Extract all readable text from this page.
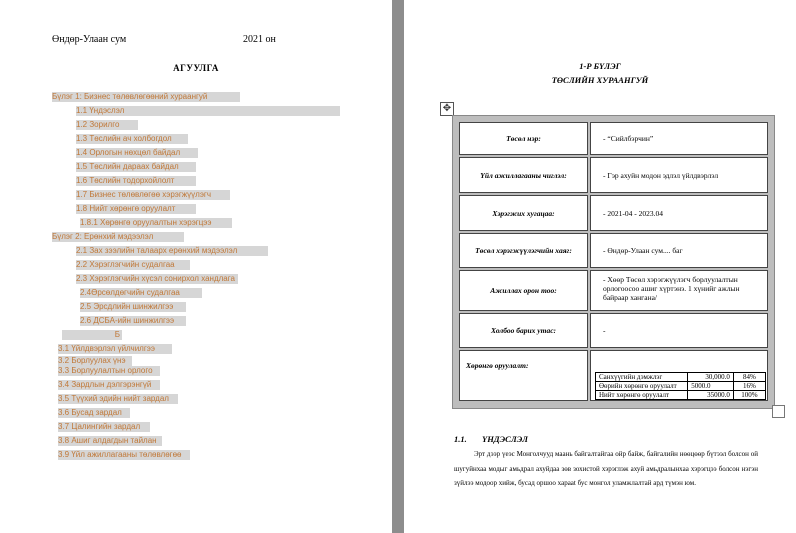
Өндөр-Улаан сум	2021 он
АГУУЛГА
Бүлэг 1: Бизнес төлөвлөгөөний хураангуй
1.1 Үндэслэл
1.2 Зорилго
1.3 Төслийн ач холбогдол
1.4 Орлогын нөхцөл байдал
1.5 Төслийн дараах байдал
1.6 Төслийн тодорхойлолт
1.7 Бизнес төлөвлөгөө хэрэгжүүлэгч
1.8 Нийт хөрөнгө оруулалт
1.8.1 Хөрөнгө оруулалтын хэрэгцээ
Бүлэг 2: Ерөнхий мэдээлэл
2.1 Зах зээлийн талаарх ерөнхий мэдээлэл
2.2 Хэрэглэгчийн судалгаа
2.3 Хэрэглэгчийн хүсэл сонирхол хандлага
2.4Өрсөлдөгчийн судалгаа
2.5 Эрсдлийн шинжилгээ
2.6 ДСБА-ийн шинжилгээ
Б
3.1 Үйлдвэрлэл үйлчилгээ
3.2 Борлуулах үнэ
3.3 Борлуулалтын орлого
3.4 Зардлын дэлгэрэнгүй
3.5 Түүхий эдийн нийт зардал
3.6 Бусад зардал
3.7 Цалингийн зардал
3.8 Ашиг алдагдын тайлан
3.9 Үйл ажиллагааны төлөвлөгөө
1-Р БҮЛЭГ
ТӨСЛИЙН ХУРААНГУЙ
✥
Төсөл нэр:	- “Сийлбэрчин”
Үйл ажиллагааны чиглэл:	- Гэр ахуйн модон эдлэл үйлдвэрлэл
Хэрэгжих хугацаа:	- 2021-04 - 2023.04
Төсөл хэрэгжүүлэгчийн хаяг:	- Өндөр-Улаан сум.... баг
Ажиллах орон тоо:	- Хөөр Төсөл хэрэгжүүлэгч борлуулалтын орлогоосоо ашиг хүртэнэ. 1 хүнийг ажлын байраар хангана/
Холбоо барих утас:	-
Хөрөнгө оруулалт:	
Санхүүгийн дэмжлэг	30,000.0	84%
Өөрийн хөрөнгө оруулалт	5000.0	16%
Нийт хөрөнгө оруулалт	35000.0	100%
1.1. ҮНДЭСЛЭЛ
Эрт дээр үеэс Монголчууд маань байгалтайгаа ойр байж, байгалийн нөөцөөр бүтээл болсон ой шугуйнхаа модыг амьдрал ахуйдаа зөв зохистой хэрэглэж ахуй амьдралынхаа хэрэгцээ болсон нэгэн зүйлээ модоор хийж, бусад оршоо харааt бус монгол уламжлалтай ард түмэн юм.
